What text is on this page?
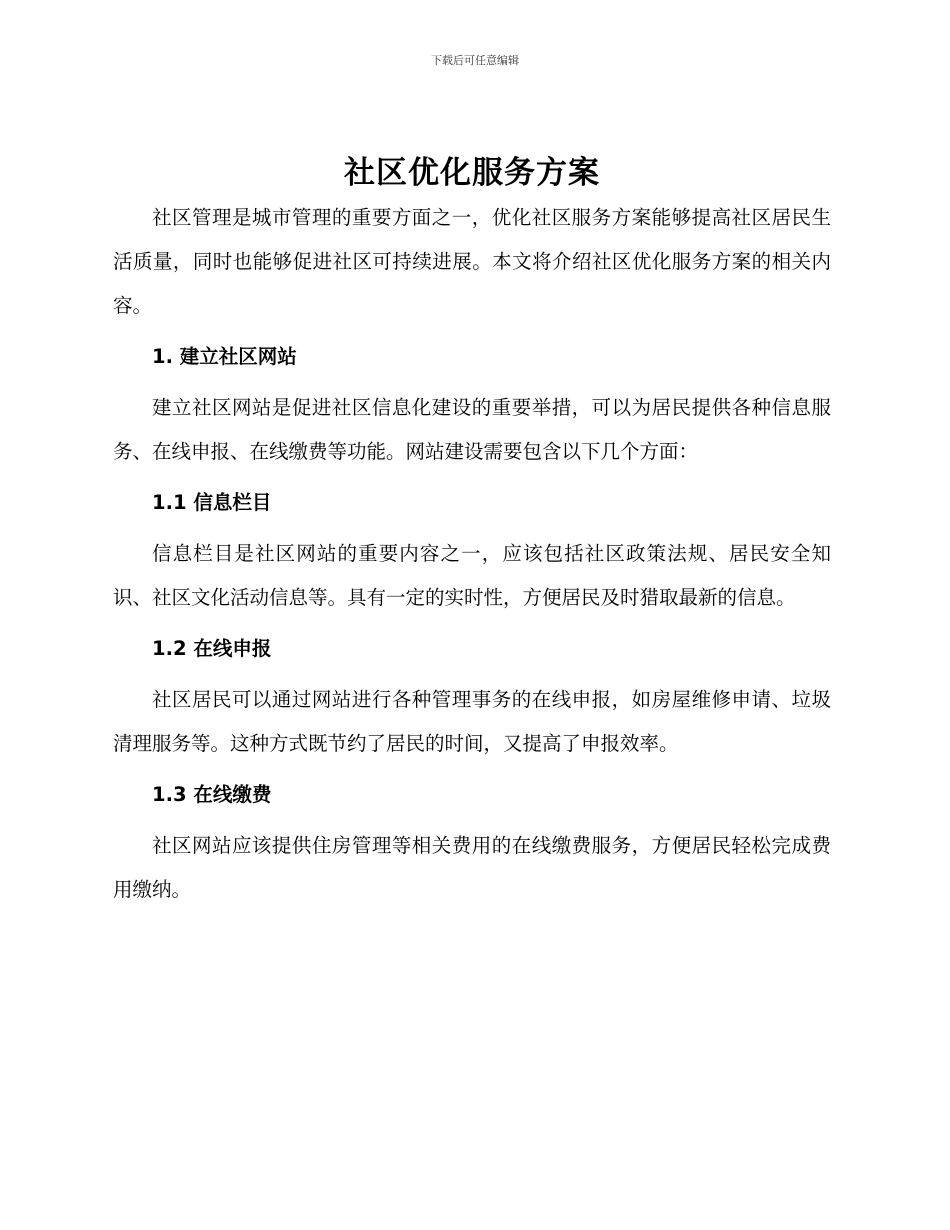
下载后可任意编辑
社区优化服务方案

社区管理是城市管理的重要方面之一，优化社区服务方案能够提高社区居民生活质量，同时也能够促进社区可持续进展。本文将介绍社区优化服务方案的相关内容。

1. 建立社区网站

建立社区网站是促进社区信息化建设的重要举措，可以为居民提供各种信息服务、在线申报、在线缴费等功能。网站建设需要包含以下几个方面：

1.1 信息栏目

信息栏目是社区网站的重要内容之一，应该包括社区政策法规、居民安全知识、社区文化活动信息等。具有一定的实时性，方便居民及时猎取最新的信息。

1.2 在线申报

社区居民可以通过网站进行各种管理事务的在线申报，如房屋维修申请、垃圾清理服务等。这种方式既节约了居民的时间，又提高了申报效率。

1.3 在线缴费

社区网站应该提供住房管理等相关费用的在线缴费服务，方便居民轻松完成费用缴纳。
